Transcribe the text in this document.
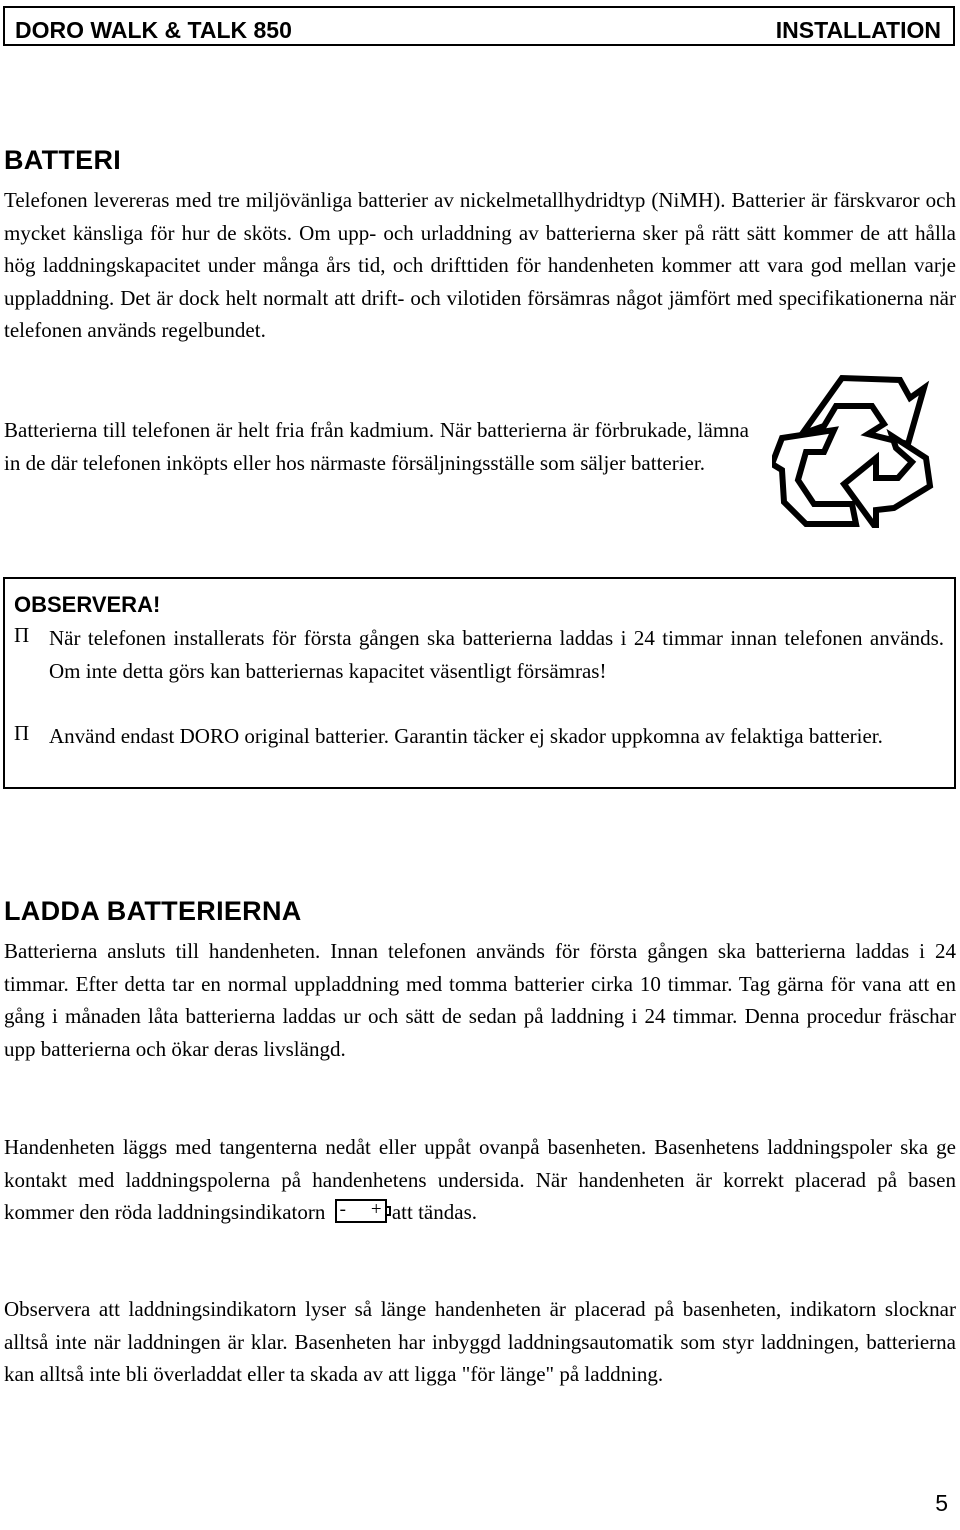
DORO WALK & TALK 850	INSTALLATION
BATTERI
Telefonen levereras med tre miljövänliga batterier av nickelmetallhydridtyp (NiMH). Batterier är färskvaror och mycket känsliga för hur de sköts. Om upp- och urladdning av batterierna sker på rätt sätt kommer de att hålla hög laddningskapacitet under många års tid, och drifttiden för handenheten kommer att vara god mellan varje uppladdning. Det är dock helt normalt att drift- och vilotiden försämras något jämfört med specifikationerna när telefonen används regelbundet.
Batterierna till telefonen är helt fria från kadmium. När batterierna är förbrukade, lämna in de där telefonen inköpts eller hos närmaste försäljningsställe som säljer batterier.
OBSERVERA!
Π När telefonen installerats för första gången ska batterierna laddas i 24 timmar innan telefonen används. Om inte detta görs kan batteriernas kapacitet väsentligt försämras!
Π Använd endast DORO original batterier. Garantin täcker ej skador uppkomna av felaktiga batterier.
LADDA BATTERIERNA
Batterierna ansluts till handenheten. Innan telefonen används för första gången ska batterierna laddas i 24 timmar. Efter detta tar en normal uppladdning med tomma batterier cirka 10 timmar. Tag gärna för vana att en gång i månaden låta batterierna laddas ur och sätt de sedan på laddning i 24 timmar. Denna procedur fräschar upp batterierna och ökar deras livslängd.
Handenheten läggs med tangenterna nedåt eller uppåt ovanpå basenheten. Basenhetens laddningspoler ska ge kontakt med laddningspolerna på handenhetens undersida. När handenheten är korrekt placerad på basen kommer den röda laddningsindikatorn - + att tändas.
Observera att laddningsindikatorn lyser så länge handenheten är placerad på basenheten, indikatorn slocknar alltså inte när laddningen är klar. Basenheten har inbyggd laddningsautomatik som styr laddningen, batterierna kan alltså inte bli överladdat eller ta skada av att ligga "för länge" på laddning.
5
